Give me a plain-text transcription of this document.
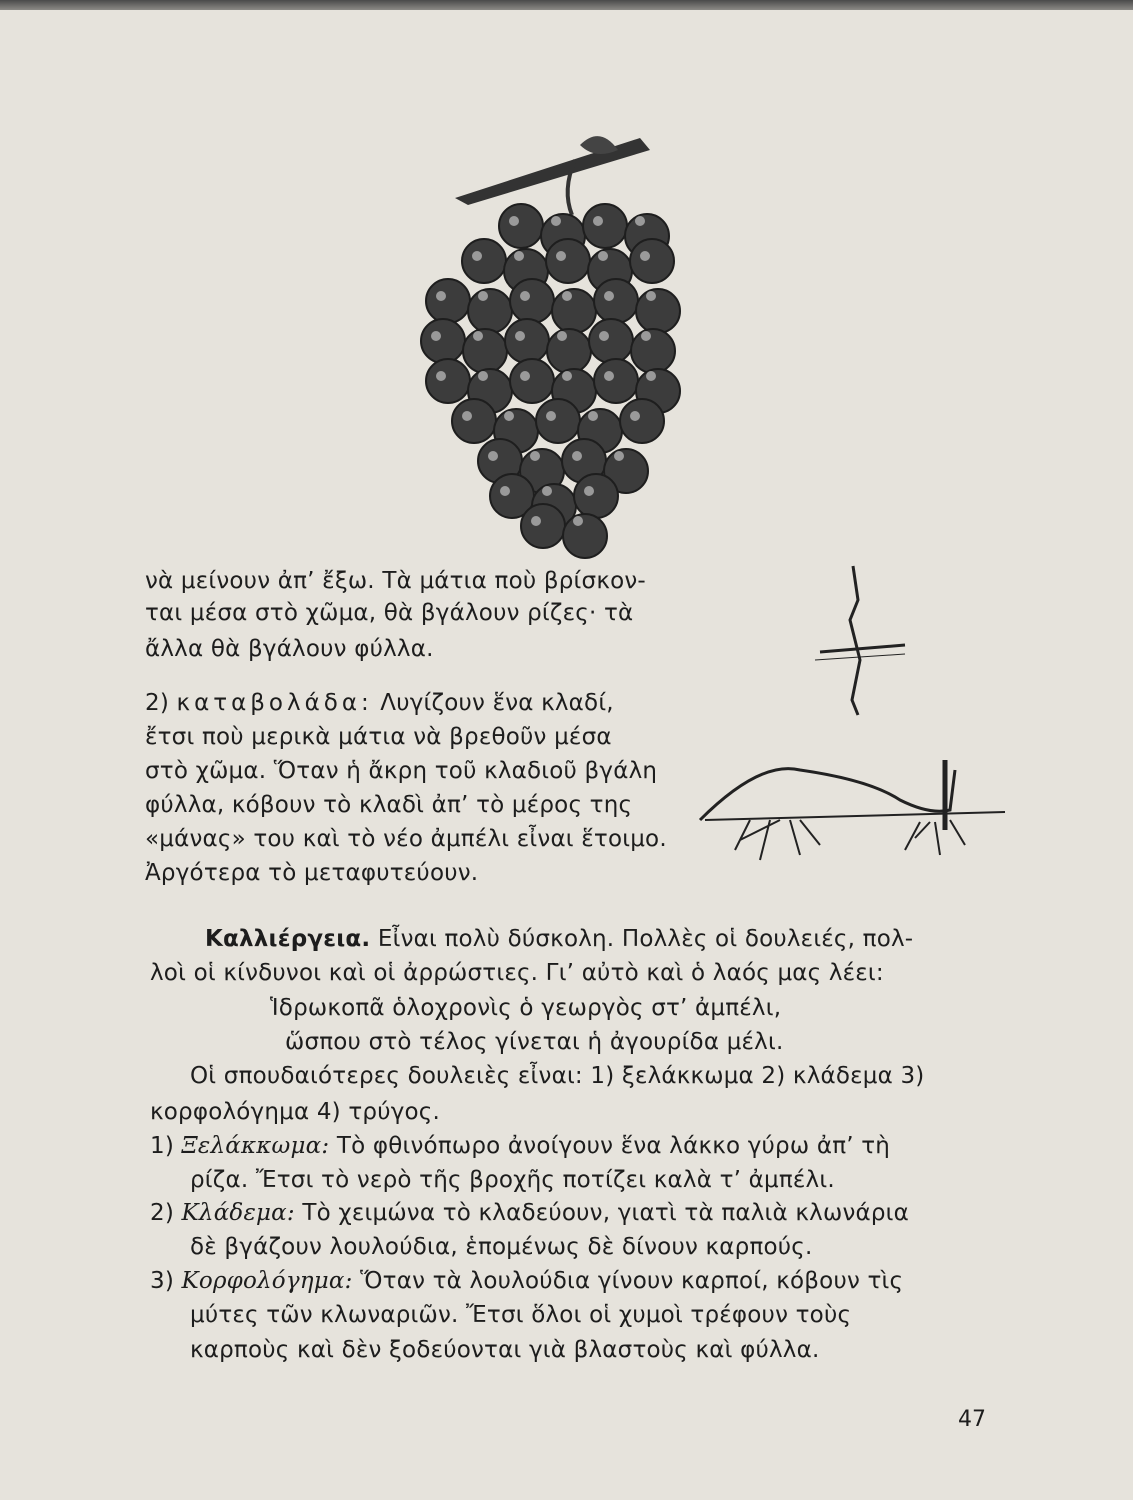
νὰ μείνουν ἀπ’ ἔξω. Τὰ μάτια ποὺ βρίσκον-
ται μέσα στὸ χῶμα, θὰ βγάλουν ρίζες· τὰ
ἄλλα θὰ βγάλουν φύλλα.
2) καταβολάδα: Λυγίζουν ἕνα κλαδί,
ἔτσι ποὺ μερικὰ μάτια νὰ βρεθοῦν μέσα
στὸ χῶμα. Ὅταν ἡ ἄκρη τοῦ κλαδιοῦ βγάλη
φύλλα, κόβουν τὸ κλαδὶ ἀπ’ τὸ μέρος της
«μάνας» του καὶ τὸ νέο ἀμπέλι εἶναι ἕτοιμο.
Ἀργότερα τὸ μεταφυτεύουν.
Καλλιέργεια. Εἶναι πολὺ δύσκολη. Πολλὲς οἱ δουλειές, πολ-
λοὶ οἱ κίνδυνοι καὶ οἱ ἀρρώστιες. Γι’ αὐτὸ καὶ ὁ λαός μας λέει:
Ἱδρωκοπᾶ ὁλοχρονὶς ὁ γεωργὸς στ’ ἀμπέλι,
ὥσπου στὸ τέλος γίνεται ἡ ἀγουρίδα μέλι.
Οἱ σπουδαιότερες δουλειὲς εἶναι: 1) ξελάκκωμα 2) κλάδεμα 3)
κορφολόγημα 4) τρύγος.
1) Ξελάκκωμα: Τὸ φθινόπωρο ἀνοίγουν ἕνα λάκκο γύρω ἀπ’ τὴ
ρίζα. Ἔτσι τὸ νερὸ τῆς βροχῆς ποτίζει καλὰ τ’ ἀμπέλι.
2) Κλάδεμα: Τὸ χειμώνα τὸ κλαδεύουν, γιατὶ τὰ παλιὰ κλωνάρια
δὲ βγάζουν λουλούδια, ἑπομένως δὲ δίνουν καρπούς.
3) Κορφολόγημα: Ὅταν τὰ λουλούδια γίνουν καρποί, κόβουν τὶς
μύτες τῶν κλωναριῶν. Ἔτσι ὅλοι οἱ χυμοὶ τρέφουν τοὺς
καρποὺς καὶ δὲν ξοδεύονται γιὰ βλαστοὺς καὶ φύλλα.
47
